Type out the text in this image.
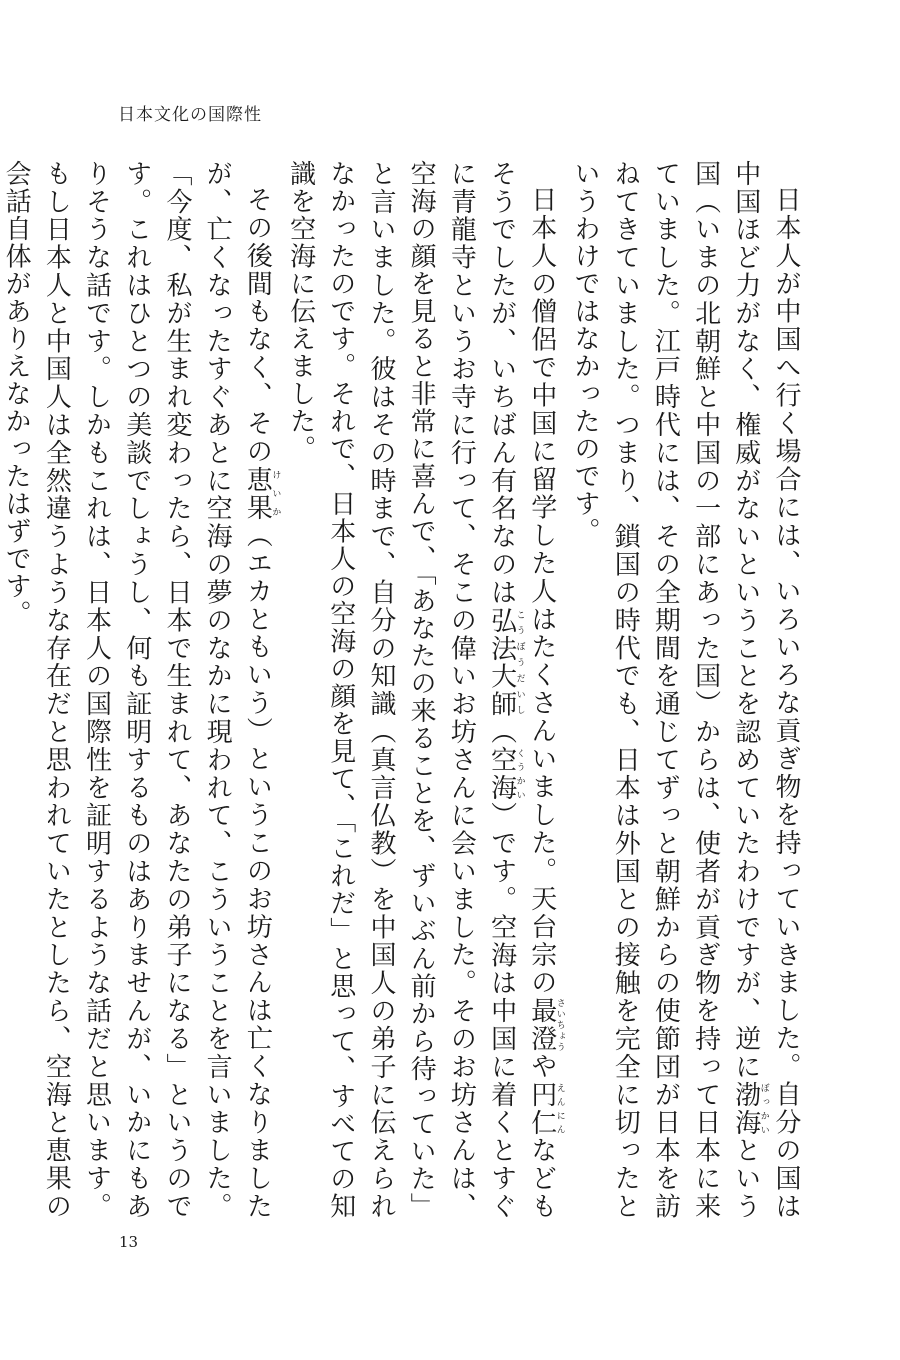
日本文化の国際性

日本人が中国へ行く場合には、いろいろな貢ぎ物を持っていきました。自分の国は中国ほど力がなく、権威がないということを認めていたわけですが、逆に渤海ぼっかいという国（いまの北朝鮮と中国の一部にあった国）からは、使者が貢ぎ物を持って日本に来ていました。江戸時代には、その全期間を通じてずっと朝鮮からの使節団が日本を訪ねてきていました。つまり、鎖国の時代でも、日本は外国との接触を完全に切ったというわけではなかったのです。

日本人の僧侶で中国に留学した人はたくさんいました。天台宗の最澄さいちょうや円仁えんにんなどもそうでしたが、いちばん有名なのは弘法大師こうぼうだいし（空海くうかい）です。空海は中国に着くとすぐに青龍寺というお寺に行って、そこの偉いお坊さんに会いました。そのお坊さんは、空海の顔を見ると非常に喜んで、「あなたの来ることを、ずいぶん前から待っていた」と言いました。彼はその時まで、自分の知識（真言仏教）を中国人の弟子に伝えられなかったのです。それで、日本人の空海の顔を見て、「これだ」と思って、すべての知識を空海に伝えました。

その後間もなく、その恵果けいか（エカともいう）というこのお坊さんは亡くなりましたが、亡くなったすぐあとに空海の夢のなかに現われて、こういうことを言いました。「今度、私が生まれ変わったら、日本で生まれて、あなたの弟子になる」というのです。これはひとつの美談でしょうし、何も証明するものはありませんが、いかにもありそうな話です。しかもこれは、日本人の国際性を証明するような話だと思います。もし日本人と中国人は全然違うような存在だと思われていたとしたら、空海と恵果の会話自体がありえなかったはずです。

13
